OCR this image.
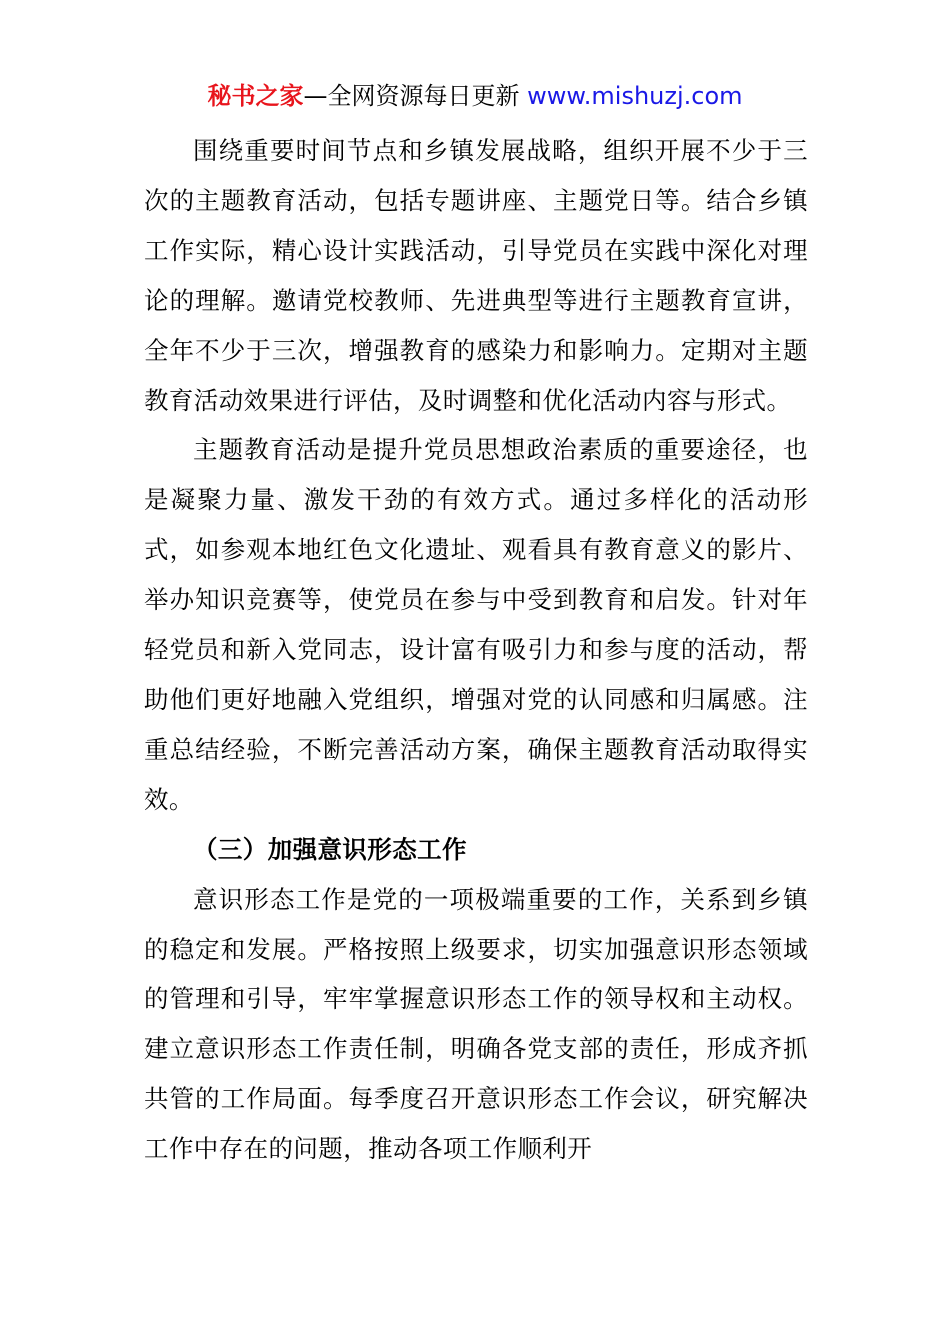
秘书之家—全网资源每日更新 www.mishuzj.com

围绕重要时间节点和乡镇发展战略，组织开展不少于三次的主题教育活动，包括专题讲座、主题党日等。结合乡镇工作实际，精心设计实践活动，引导党员在实践中深化对理论的理解。邀请党校教师、先进典型等进行主题教育宣讲，全年不少于三次，增强教育的感染力和影响力。定期对主题教育活动效果进行评估，及时调整和优化活动内容与形式。

主题教育活动是提升党员思想政治素质的重要途径，也是凝聚力量、激发干劲的有效方式。通过多样化的活动形式，如参观本地红色文化遗址、观看具有教育意义的影片、举办知识竞赛等，使党员在参与中受到教育和启发。针对年轻党员和新入党同志，设计富有吸引力和参与度的活动，帮助他们更好地融入党组织，增强对党的认同感和归属感。注重总结经验，不断完善活动方案，确保主题教育活动取得实效。

（三）加强意识形态工作

意识形态工作是党的一项极端重要的工作，关系到乡镇的稳定和发展。严格按照上级要求，切实加强意识形态领域的管理和引导，牢牢掌握意识形态工作的领导权和主动权。建立意识形态工作责任制，明确各党支部的责任，形成齐抓共管的工作局面。每季度召开意识形态工作会议，研究解决工作中存在的问题，推动各项工作顺利开
